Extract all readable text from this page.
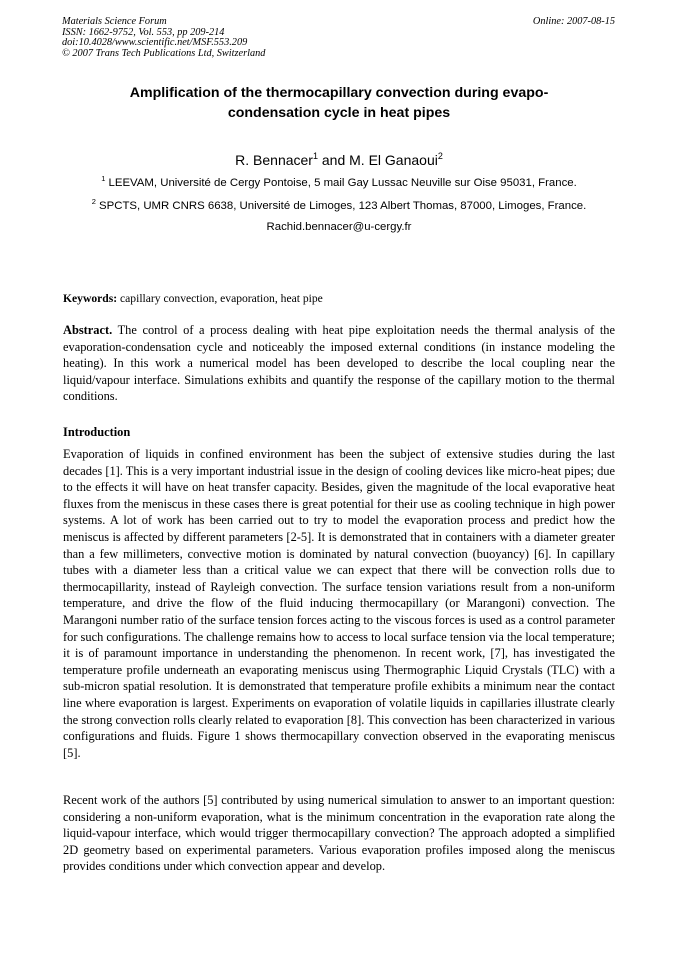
Materials Science Forum
ISSN: 1662-9752, Vol. 553, pp 209-214
doi:10.4028/www.scientific.net/MSF.553.209
© 2007 Trans Tech Publications Ltd, Switzerland
Online: 2007-08-15
Amplification of the thermocapillary convection during evapo-
condensation cycle in heat pipes
R. Bennacer$^1$ and M. El Ganaoui$^2$
$^1$ LEEVAM, Université de Cergy Pontoise, 5 mail Gay Lussac Neuville sur Oise 95031, France.
$^2$ SPCTS, UMR CNRS 6638, Université de Limoges, 123 Albert Thomas, 87000, Limoges, France.
Rachid.bennacer@u-cergy.fr
Keywords: capillary convection, evaporation, heat pipe
Abstract. The control of a process dealing with heat pipe exploitation needs the thermal analysis of the evaporation-condensation cycle and noticeably the imposed external conditions (in instance modeling the heating). In this work a numerical model has been developed to describe the local coupling near the liquid/vapour interface. Simulations exhibits and quantify the response of the capillary motion to the thermal conditions.
Introduction
Evaporation of liquids in confined environment has been the subject of extensive studies during the last decades [1]. This is a very important industrial issue in the design of cooling devices like micro-heat pipes; due to the effects it will have on heat transfer capacity. Besides, given the magnitude of the local evaporative heat fluxes from the meniscus in these cases there is great potential for their use as cooling technique in high power systems. A lot of work has been carried out to try to model the evaporation process and predict how the meniscus is affected by different parameters [2-5]. It is demonstrated that in containers with a diameter greater than a few millimeters, convective motion is dominated by natural convection (buoyancy) [6]. In capillary tubes with a diameter less than a critical value we can expect that there will be convection rolls due to thermocapillarity, instead of Rayleigh convection. The surface tension variations result from a non-uniform temperature, and drive the flow of the fluid inducing thermocapillary (or Marangoni) convection. The Marangoni number ratio of the surface tension forces acting to the viscous forces is used as a control parameter for such configurations. The challenge remains how to access to local surface tension via the local temperature; it is of paramount importance in understanding the phenomenon. In recent work, [7], has investigated the temperature profile underneath an evaporating meniscus using Thermographic Liquid Crystals (TLC) with a sub-micron spatial resolution. It is demonstrated that temperature profile exhibits a minimum near the contact line where evaporation is largest. Experiments on evaporation of volatile liquids in capillaries illustrate clearly the strong convection rolls clearly related to evaporation [8]. This convection has been characterized in various configurations and fluids. Figure 1 shows thermocapillary convection observed in the evaporating meniscus [5].
Recent work of the authors [5] contributed by using numerical simulation to answer to an important question: considering a non-uniform evaporation, what is the minimum concentration in the evaporation rate along the liquid-vapour interface, which would trigger thermocapillary convection? The approach adopted a simplified 2D geometry based on experimental parameters. Various evaporation profiles imposed along the meniscus provides conditions under which convection appear and develop.
